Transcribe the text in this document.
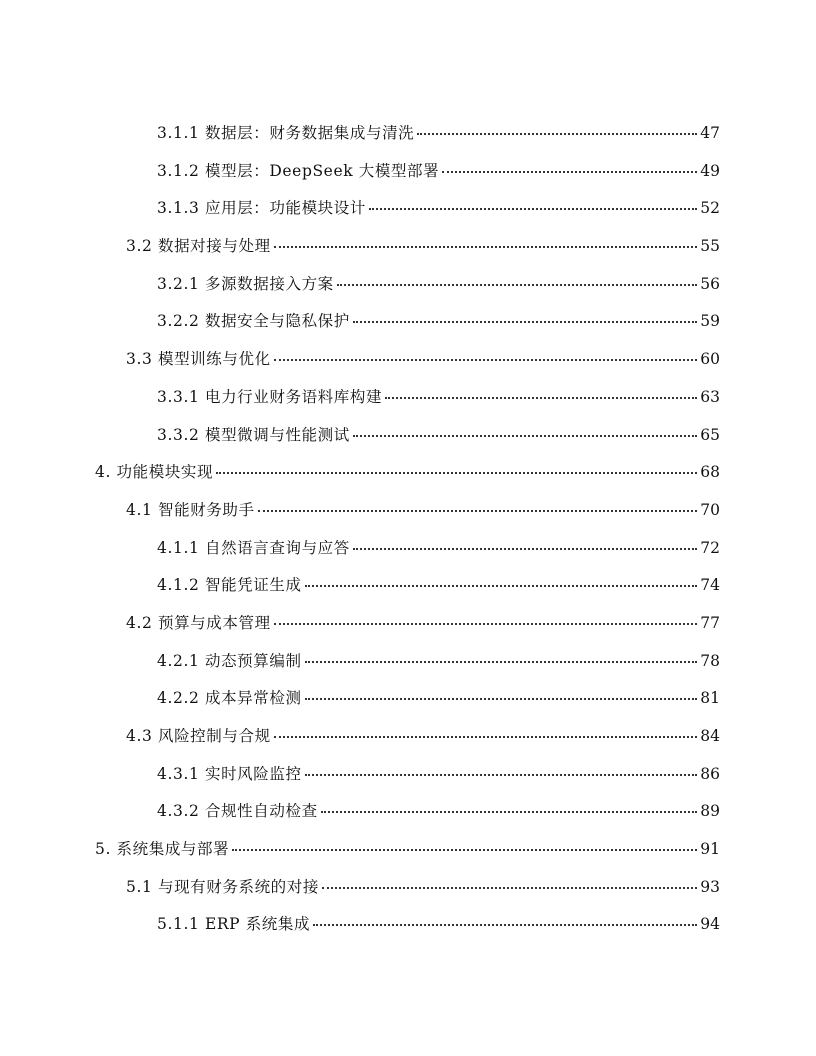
3.1.1 数据层：财务数据集成与清洗	47
3.1.2 模型层：DeepSeek 大模型部署	49
3.1.3 应用层：功能模块设计	52
3.2 数据对接与处理	55
3.2.1 多源数据接入方案	56
3.2.2 数据安全与隐私保护	59
3.3 模型训练与优化	60
3.3.1 电力行业财务语料库构建	63
3.3.2 模型微调与性能测试	65
4. 功能模块实现	68
4.1 智能财务助手	70
4.1.1 自然语言查询与应答	72
4.1.2 智能凭证生成	74
4.2 预算与成本管理	77
4.2.1 动态预算编制	78
4.2.2 成本异常检测	81
4.3 风险控制与合规	84
4.3.1 实时风险监控	86
4.3.2 合规性自动检查	89
5. 系统集成与部署	91
5.1 与现有财务系统的对接	93
5.1.1 ERP 系统集成	94
